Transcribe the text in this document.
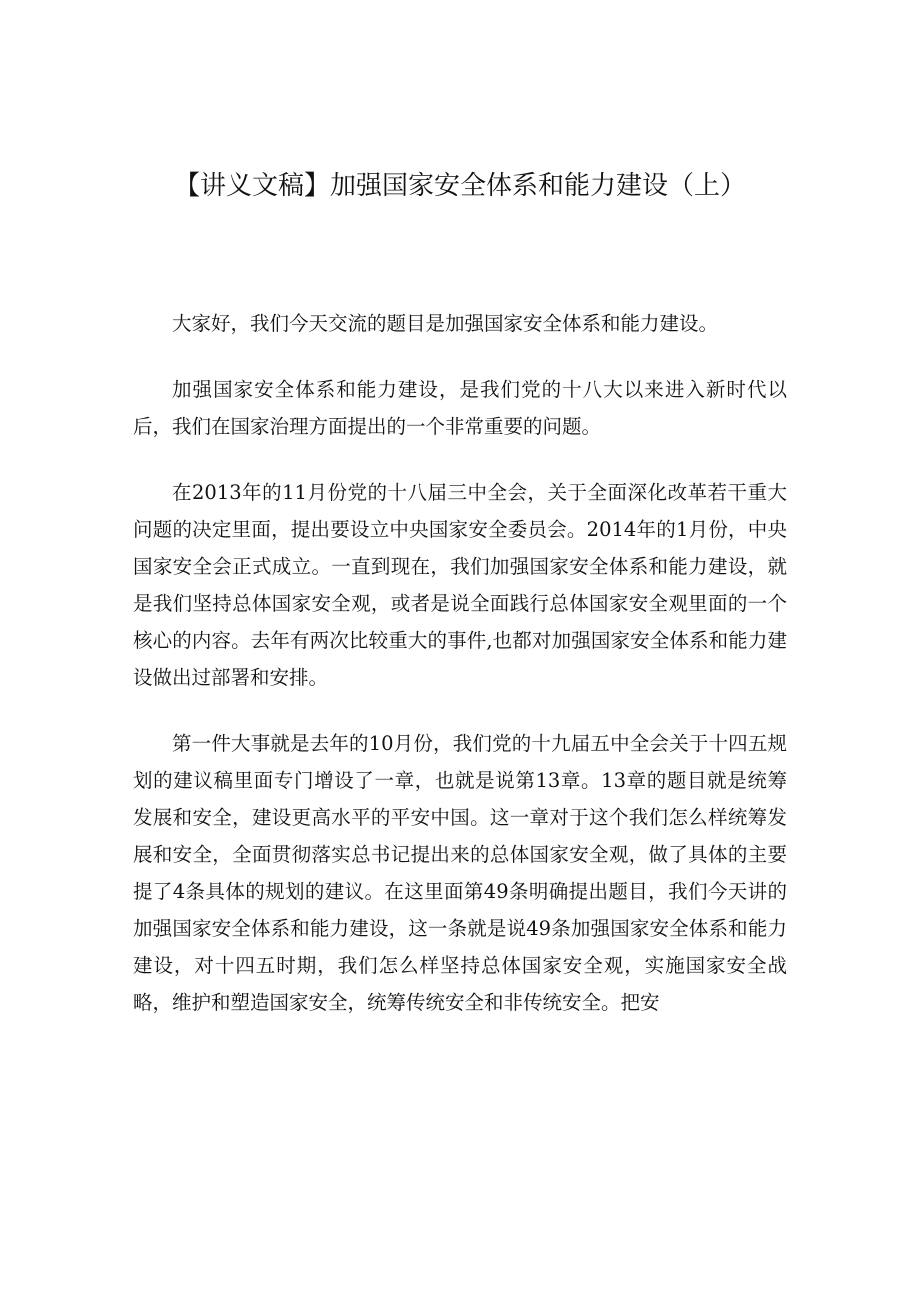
【讲义文稿】加强国家安全体系和能力建设（上）

大家好，我们今天交流的题目是加强国家安全体系和能力建设。

加强国家安全体系和能力建设，是我们党的十八大以来进入新时代以后，我们在国家治理方面提出的一个非常重要的问题。

在2013年的11月份党的十八届三中全会，关于全面深化改革若干重大问题的决定里面，提出要设立中央国家安全委员会。2014年的1月份，中央国家安全会正式成立。一直到现在，我们加强国家安全体系和能力建设，就是我们坚持总体国家安全观，或者是说全面践行总体国家安全观里面的一个核心的内容。去年有两次比较重大的事件,也都对加强国家安全体系和能力建设做出过部署和安排。

第一件大事就是去年的10月份，我们党的十九届五中全会关于十四五规划的建议稿里面专门增设了一章，也就是说第13章。13章的题目就是统筹发展和安全，建设更高水平的平安中国。这一章对于这个我们怎么样统筹发展和安全，全面贯彻落实总书记提出来的总体国家安全观，做了具体的主要提了4条具体的规划的建议。在这里面第49条明确提出题目，我们今天讲的加强国家安全体系和能力建设，这一条就是说49条加强国家安全体系和能力建设，对十四五时期，我们怎么样坚持总体国家安全观，实施国家安全战略，维护和塑造国家安全，统筹传统安全和非传统安全。把安
